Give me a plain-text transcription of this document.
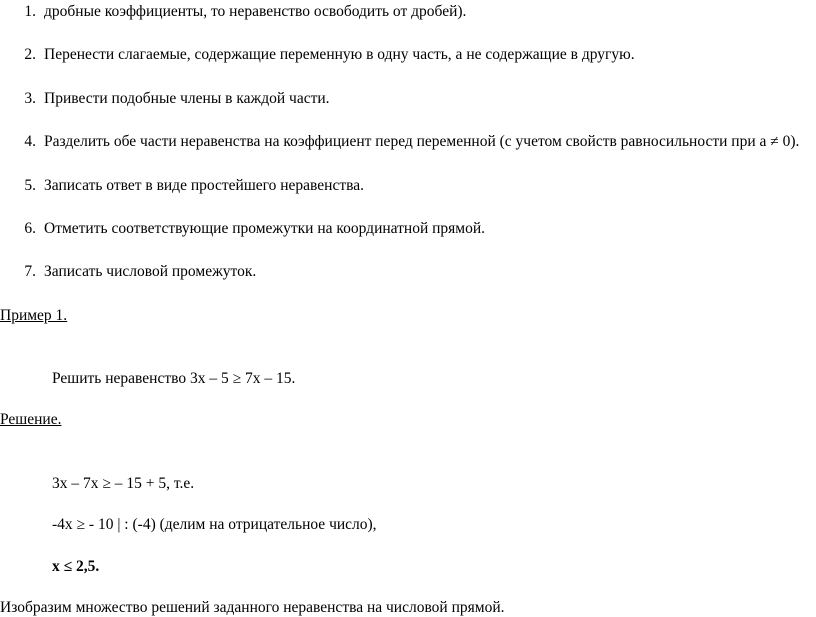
1. дробные коэффициенты, то неравенство освободить от дробей).
2. Перенести слагаемые, содержащие переменную в одну часть, а не содержащие в другую.
3. Привести подобные члены в каждой части.
4. Разделить обе части неравенства на коэффициент перед переменной (с учетом свойств равносильности при a ≠ 0).
5. Записать ответ в виде простейшего неравенства.
6. Отметить соответствующие промежутки на координатной прямой.
7. Записать числовой промежуток.
Пример 1.

Решить неравенство 3х – 5 ≥ 7х – 15.

Решение.

3х – 7х ≥ – 15 + 5, т.е.

-4х ≥ - 10 | : (-4) (делим на отрицательное число),

х ≤ 2,5.

Изобразим множество решений заданного неравенства на числовой прямой.
